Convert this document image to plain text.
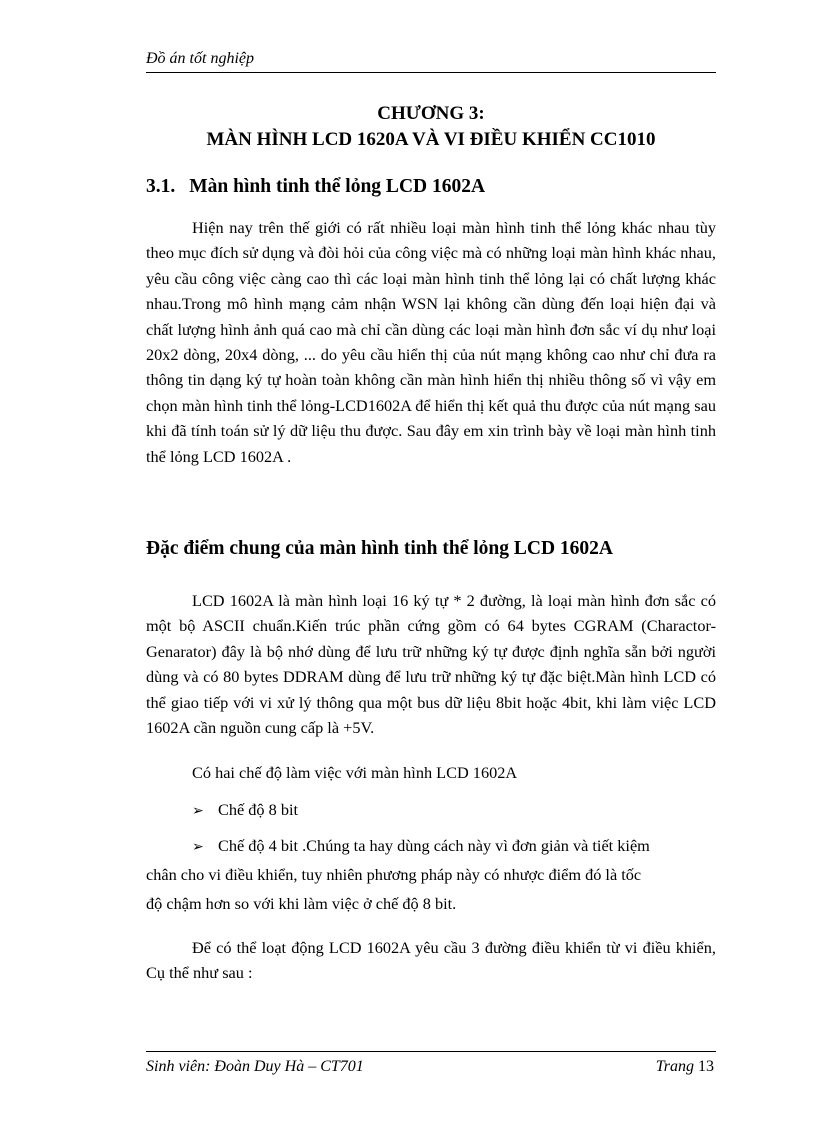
Đồ án tốt nghiệp
CHƯƠNG 3:
MÀN HÌNH LCD 1620A VÀ VI ĐIỀU KHIỂN CC1010
3.1. Màn hình tinh thể lỏng LCD 1602A

Hiện nay trên thế giới có rất nhiều loại màn hình tinh thể lỏng khác nhau tùy theo mục đích sử dụng và đòi hỏi của công việc mà có những loại màn hình khác nhau, yêu cầu công việc càng cao thì các loại màn hình tinh thể lỏng lại có chất lượng khác nhau.Trong mô hình mạng cảm nhận WSN lại không cần dùng đến loại hiện đại và chất lượng hình ảnh quá cao mà chỉ cần dùng các loại màn hình đơn sắc ví dụ như loại 20x2 dòng, 20x4 dòng, ... do yêu cầu hiển thị của nút mạng không cao như chỉ đưa ra thông tin dạng ký tự hoàn toàn không cần màn hình hiển thị nhiều thông số vì vậy em chọn màn hình tinh thể lỏng-LCD1602A để hiển thị kết quả thu được của nút mạng sau khi đã tính toán sử lý dữ liệu thu được. Sau đây em xin trình bày về loại màn hình tinh thể lỏng LCD 1602A .

Đặc điểm chung của màn hình tinh thể lỏng LCD 1602A

LCD 1602A là màn hình loại 16 ký tự * 2 đường, là loại màn hình đơn sắc có một bộ ASCII chuẩn.Kiến trúc phần cứng gồm có 64 bytes CGRAM (Charactor-Genarator) đây là bộ nhớ dùng để lưu trữ những ký tự được định nghĩa sẵn bởi người dùng và có 80 bytes DDRAM dùng để lưu trữ những ký tự đặc biệt.Màn hình LCD có thể giao tiếp với vi xử lý thông qua một bus dữ liệu 8bit hoặc 4bit, khi làm việc LCD 1602A cần nguồn cung cấp là +5V.

Có hai chế độ làm việc với màn hình LCD 1602A
➢ Chế độ 8 bit
➢ Chế độ 4 bit .Chúng ta hay dùng cách này vì đơn giản và tiết kiệm
chân cho vi điều khiển, tuy nhiên phương pháp này có nhược điểm đó là tốc
độ chậm hơn so với khi làm việc ở chế độ 8 bit.

Để có thể loạt động LCD 1602A yêu cầu 3 đường điều khiển từ vi điều khiển, Cụ thể như sau :

Sinh viên: Đoàn Duy Hà – CT701	Trang 13
